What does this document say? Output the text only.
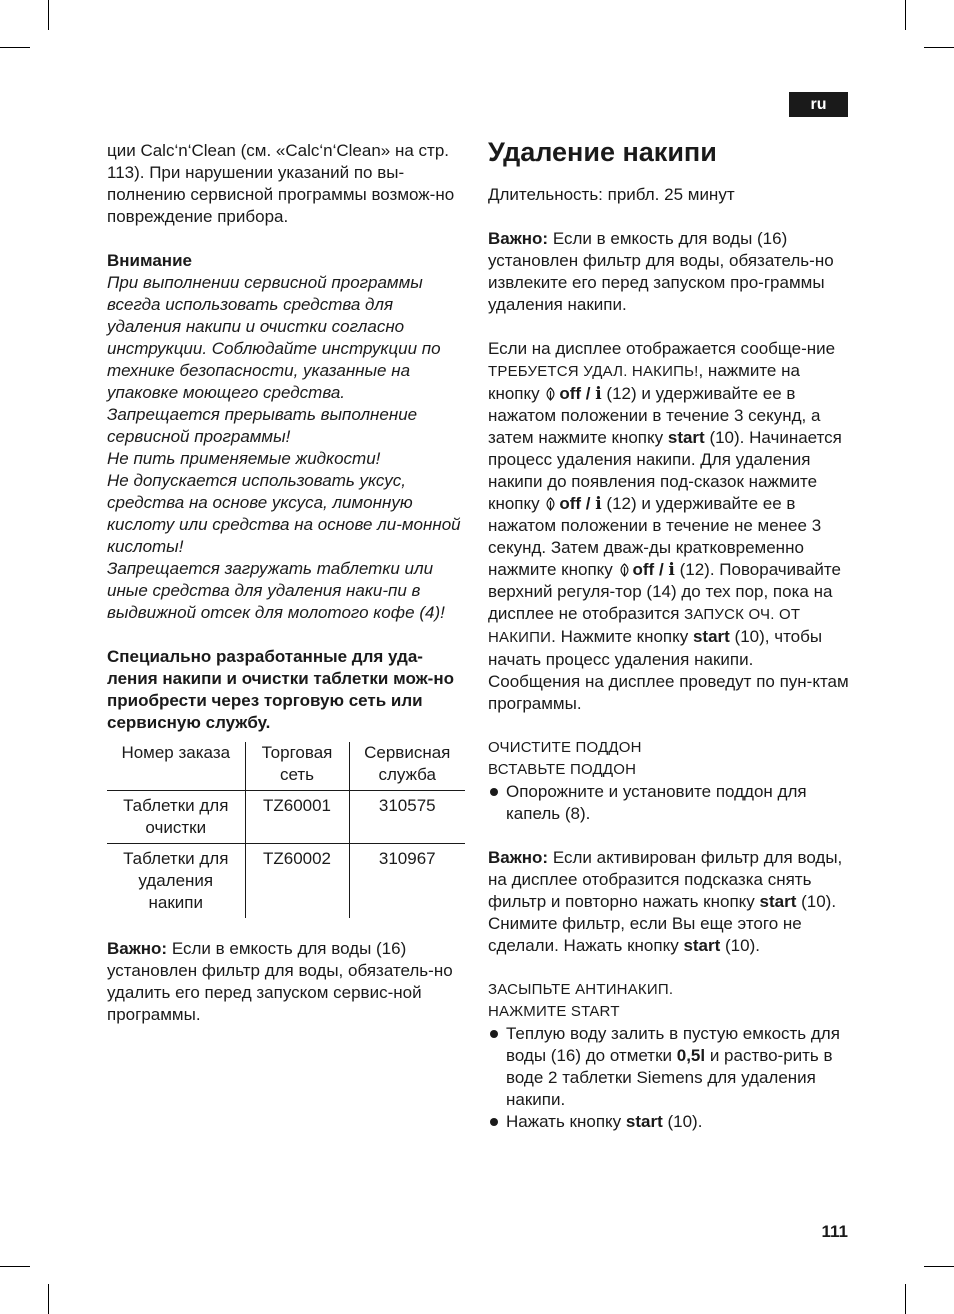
ru

ции Calc‘n‘Clean (см. «Calc‘n‘Clean» на стр. 113). При нарушении указаний по вы-полнению сервисной программы возмож-но повреждение прибора.

Внимание

При выполнении сервисной программы всегда использовать средства для удаления накипи и очистки согласно инструкции. Соблюдайте инструкции по технике безопасности, указанные на упаковке моющего средства.

Запрещается прерывать выполнение сервисной программы!

Не пить применяемые жидкости!

Не допускается использовать уксус, средства на основе уксуса, лимонную кислоту или средства на основе ли-монной кислоты!

Запрещается загружать таблетки или иные средства для удаления наки-пи в выдвижной отсек для молотого кофе (4)!

Специально разработанные для уда-ления накипи и очистки таблетки мож-но приобрести через торговую сеть или сервисную службу.

Номер заказа	Торговая сеть	Сервисная служба
Таблетки для очистки	TZ60001	310575
Таблетки для удаления накипи	TZ60002	310967

Важно: Если в емкость для воды (16) установлен фильтр для воды, обязатель-но удалить его перед запуском сервис-ной программы.

Удаление накипи

Длительность: прибл. 25 минут

Важно: Если в емкость для воды (16) установлен фильтр для воды, обязатель-но извлеките его перед запуском про-граммы удаления накипи.

Если на дисплее отображается сообще-ние ТРЕБУЕТСЯ УДАЛ. НАКИПЬ!, нажмите на кнопку off / i (12) и удерживайте ее в нажатом положении в течение 3 секунд, а затем нажмите кнопку start (10). Начинается процесс удаления накипи. Для удаления накипи до появления под-сказок нажмите кнопку off / i (12) и удерживайте ее в нажатом положении в течение не менее 3 секунд. Затем дваж-ды кратковременно нажмите кнопку off / i (12). Поворачивайте верхний регуля-тор (14) до тех пор, пока на дисплее не отобразится ЗАПУСК ОЧ. ОТ НАКИПИ. Нажмите кнопку start (10), чтобы начать процесс удаления накипи.

Сообщения на дисплее проведут по пун-ктам программы.

ОЧИСТИТЕ ПОДДОН

ВСТАВЬТЕ ПОДДОН

Опорожните и установите поддон для капель (8).

Важно: Если активирован фильтр для воды, на дисплее отобразится подсказка снять фильтр и повторно нажать кнопку start (10). Снимите фильтр, если Вы еще этого не сделали. Нажать кнопку start (10).

ЗАСЫПЬТЕ АНТИНАКИП.

НАЖМИТЕ START

Теплую воду залить в пустую емкость для воды (16) до отметки 0,5l и раство-рить в воде 2 таблетки Siemens для удаления накипи.
Нажать кнопку start (10).
111
